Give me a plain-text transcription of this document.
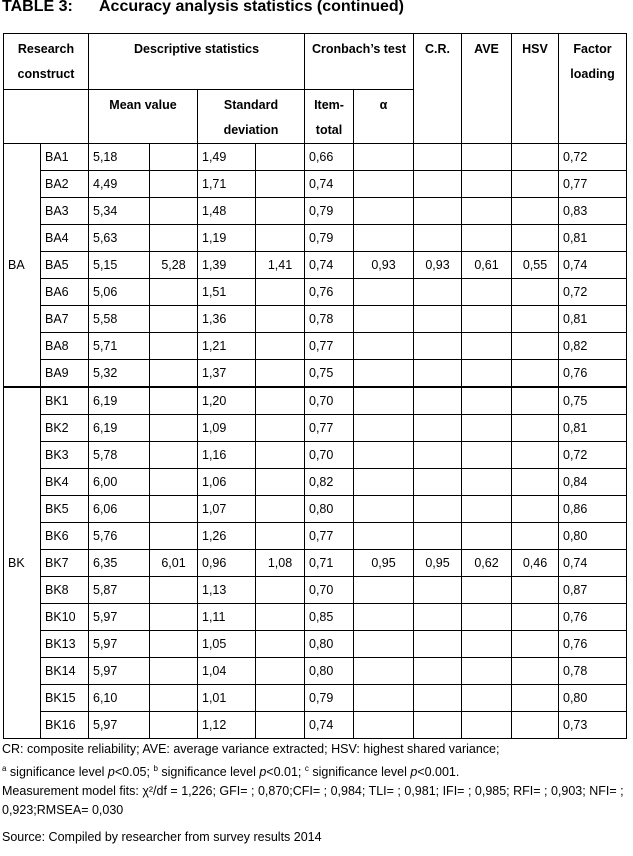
TABLE 3: Accuracy analysis statistics (continued)
Research construct		Descriptive statistics				Cronbach’s test		C.R.	AVE	HSV	Factor loading
		Mean value		Standard deviation		Item-total	α				
BA	BA1	5,18		1,49		0,66					0,72
	BA2	4,49		1,71		0,74					0,77
	BA3	5,34		1,48		0,79					0,83
	BA4	5,63		1,19		0,79					0,81
	BA5	5,15	5,28	1,39	1,41	0,74	0,93	0,93	0,61	0,55	0,74
	BA6	5,06		1,51		0,76					0,72
	BA7	5,58		1,36		0,78					0,81
	BA8	5,71		1,21		0,77					0,82
	BA9	5,32		1,37		0,75					0,76
BK	BK1	6,19		1,20		0,70					0,75
	BK2	6,19		1,09		0,77					0,81
	BK3	5,78		1,16		0,70					0,72
	BK4	6,00		1,06		0,82					0,84
	BK5	6,06		1,07		0,80					0,86
	BK6	5,76		1,26		0,77					0,80
	BK7	6,35	6,01	0,96	1,08	0,71	0,95	0,95	0,62	0,46	0,74
	BK8	5,87		1,13		0,70					0,87
	BK10	5,97		1,11		0,85					0,76
	BK13	5,97		1,05		0,80					0,76
	BK14	5,97		1,04		0,80					0,78
	BK15	6,10		1,01		0,79					0,80
	BK16	5,97		1,12		0,74					0,73

CR: composite reliability; AVE: average variance extracted; HSV: highest shared variance;

$^a$ significance level p<0.05; $^b$ significance level p<0.01; $^c$ significance level p<0.001.

Measurement model fits: χ²/df = 1,226; GFI= ; 0,870;CFI= ; 0,984; TLI= ; 0,981; IFI= ; 0,985; RFI= ; 0,903; NFI= ; 0,923;RMSEA= 0,030

Source: Compiled by researcher from survey results 2014
